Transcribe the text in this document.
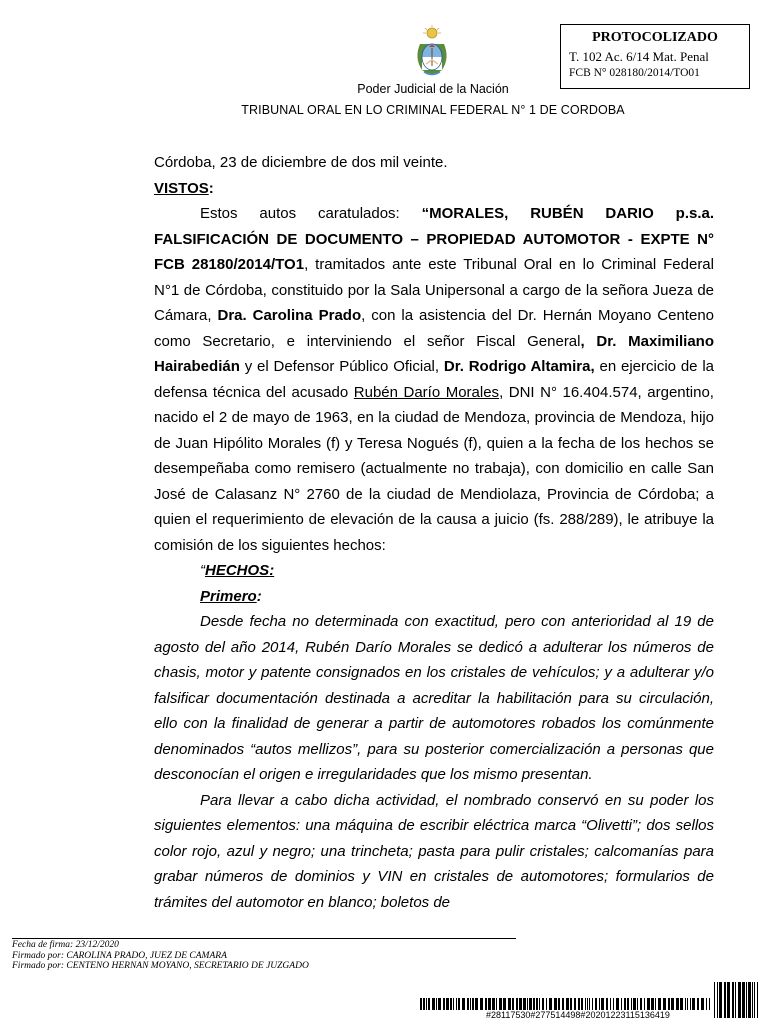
Poder Judicial de la Nación
TRIBUNAL ORAL EN LO CRIMINAL FEDERAL N° 1 DE CORDOBA
PROTOCOLIZADO
T. 102 Ac. 6/14 Mat. Penal
FCB N° 028180/2014/TO01

Córdoba, 23 de diciembre de dos mil veinte.

VISTOS:

Estos autos caratulados: “MORALES, RUBÉN DARIO p.s.a. FALSIFICACIÓN DE DOCUMENTO – PROPIEDAD AUTOMOTOR - EXPTE N° FCB 28180/2014/TO1, tramitados ante este Tribunal Oral en lo Criminal Federal N°1 de Córdoba, constituido por la Sala Unipersonal a cargo de la señora Jueza de Cámara, Dra. Carolina Prado, con la asistencia del Dr. Hernán Moyano Centeno como Secretario, e interviniendo el señor Fiscal General, Dr. Maximiliano Hairabedián y el Defensor Público Oficial, Dr. Rodrigo Altamira, en ejercicio de la defensa técnica del acusado Rubén Darío Morales, DNI N° 16.404.574, argentino, nacido el 2 de mayo de 1963, en la ciudad de Mendoza, provincia de Mendoza, hijo de Juan Hipólito Morales (f) y Teresa Nogués (f), quien a la fecha de los hechos se desempeñaba como remisero (actualmente no trabaja), con domicilio en calle San José de Calasanz N° 2760 de la ciudad de Mendiolaza, Provincia de Córdoba; a quien el requerimiento de elevación de la causa a juicio (fs. 288/289), le atribuye la comisión de los siguientes hechos:

“HECHOS:

Primero:

Desde fecha no determinada con exactitud, pero con anterioridad al 19 de agosto del año 2014, Rubén Darío Morales se dedicó a adulterar los números de chasis, motor y patente consignados en los cristales de vehículos; y a adulterar y/o falsificar documentación destinada a acreditar la habilitación para su circulación, ello con la finalidad de generar a partir de automotores robados los comúnmente denominados “autos mellizos”, para su posterior comercialización a personas que desconocían el origen e irregularidades que los mismo presentan.

Para llevar a cabo dicha actividad, el nombrado conservó en su poder los siguientes elementos: una máquina de escribir eléctrica marca “Olivetti”; dos sellos color rojo, azul y negro; una trincheta; pasta para pulir cristales; calcomanías para grabar números de dominios y VIN en cristales de automotores; formularios de trámites del automotor en blanco; boletos de

Fecha de firma: 23/12/2020
Firmado por: CAROLINA PRADO, JUEZ DE CAMARA
Firmado por: CENTENO HERNAN MOYANO, SECRETARIO DE JUZGADO
#28117530#277514498#20201223115136419
